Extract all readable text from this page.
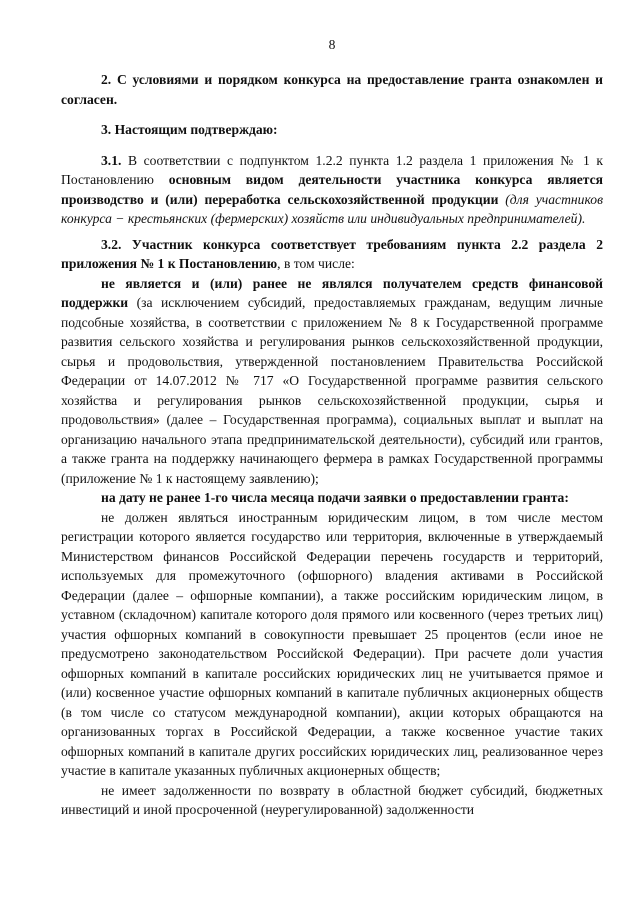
8

2. С условиями и порядком конкурса на предоставление гранта ознакомлен и согласен.

3. Настоящим подтверждаю:

3.1. В соответствии с подпунктом 1.2.2 пункта 1.2 раздела 1 приложения № 1 к Постановлению основным видом деятельности участника конкурса является производство и (или) переработка сельскохозяйственной продукции (для участников конкурса − крестьянских (фермерских) хозяйств или индивидуальных предпринимателей).

3.2. Участник конкурса соответствует требованиям пункта 2.2 раздела 2 приложения № 1 к Постановлению, в том числе:

не является и (или) ранее не являлся получателем средств финансовой поддержки (за исключением субсидий, предоставляемых гражданам, ведущим личные подсобные хозяйства, в соответствии с приложением № 8 к Государственной программе развития сельского хозяйства и регулирования рынков сельскохозяйственной продукции, сырья и продовольствия, утвержденной постановлением Правительства Российской Федерации от 14.07.2012 № 717 «О Государственной программе развития сельского хозяйства и регулирования рынков сельскохозяйственной продукции, сырья и продовольствия» (далее – Государственная программа), социальных выплат и выплат на организацию начального этапа предпринимательской деятельности), субсидий или грантов, а также гранта на поддержку начинающего фермера в рамках Государственной программы (приложение № 1 к настоящему заявлению);

на дату не ранее 1-го числа месяца подачи заявки о предоставлении гранта:

не должен являться иностранным юридическим лицом, в том числе местом регистрации которого является государство или территория, включенные в утверждаемый Министерством финансов Российской Федерации перечень государств и территорий, используемых для промежуточного (офшорного) владения активами в Российской Федерации (далее – офшорные компании), а также российским юридическим лицом, в уставном (складочном) капитале которого доля прямого или косвенного (через третьих лиц) участия офшорных компаний в совокупности превышает 25 процентов (если иное не предусмотрено законодательством Российской Федерации). При расчете доли участия офшорных компаний в капитале российских юридических лиц не учитывается прямое и (или) косвенное участие офшорных компаний в капитале публичных акционерных обществ (в том числе со статусом международной компании), акции которых обращаются на организованных торгах в Российской Федерации, а также косвенное участие таких офшорных компаний в капитале других российских юридических лиц, реализованное через участие в капитале указанных публичных акционерных обществ;

не имеет задолженности по возврату в областной бюджет субсидий, бюджетных инвестиций и иной просроченной (неурегулированной) задолженности
